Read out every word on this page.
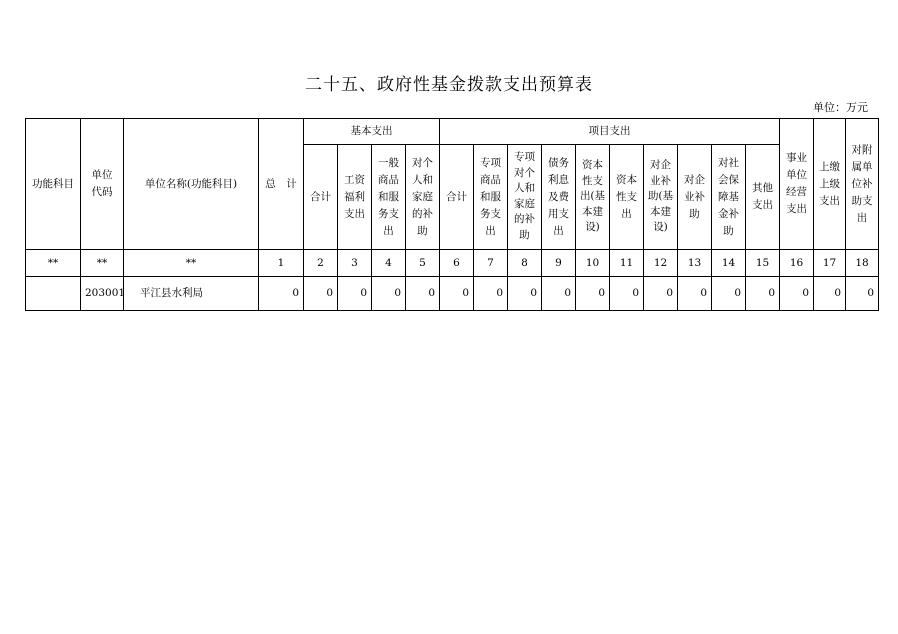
二十五、政府性基金拨款支出预算表
单位：万元
功能科目	单位代码	单位名称(功能科目)	总　计	基本支出				项目支出										事业单位经营支出	上缴上级支出	对附属单位补助支出
				合计	工资福利支出	一般商品和服务支出	对个人和家庭的补助	合计	专项商品和服务支出	专项对个人和家庭的补助	债务利息及费用支出	资本性支出(基本建设)	资本性支出	对企业补助(基本建设)	对企业补助	对社会保障基金补助	其他支出			
**	**	**	1	2	3	4	5	6	7	8	9	10	11	12	13	14	15	16	17	18
	203001	平江县水利局	0	0	0	0	0	0	0	0	0	0	0	0	0	0	0	0	0	0
